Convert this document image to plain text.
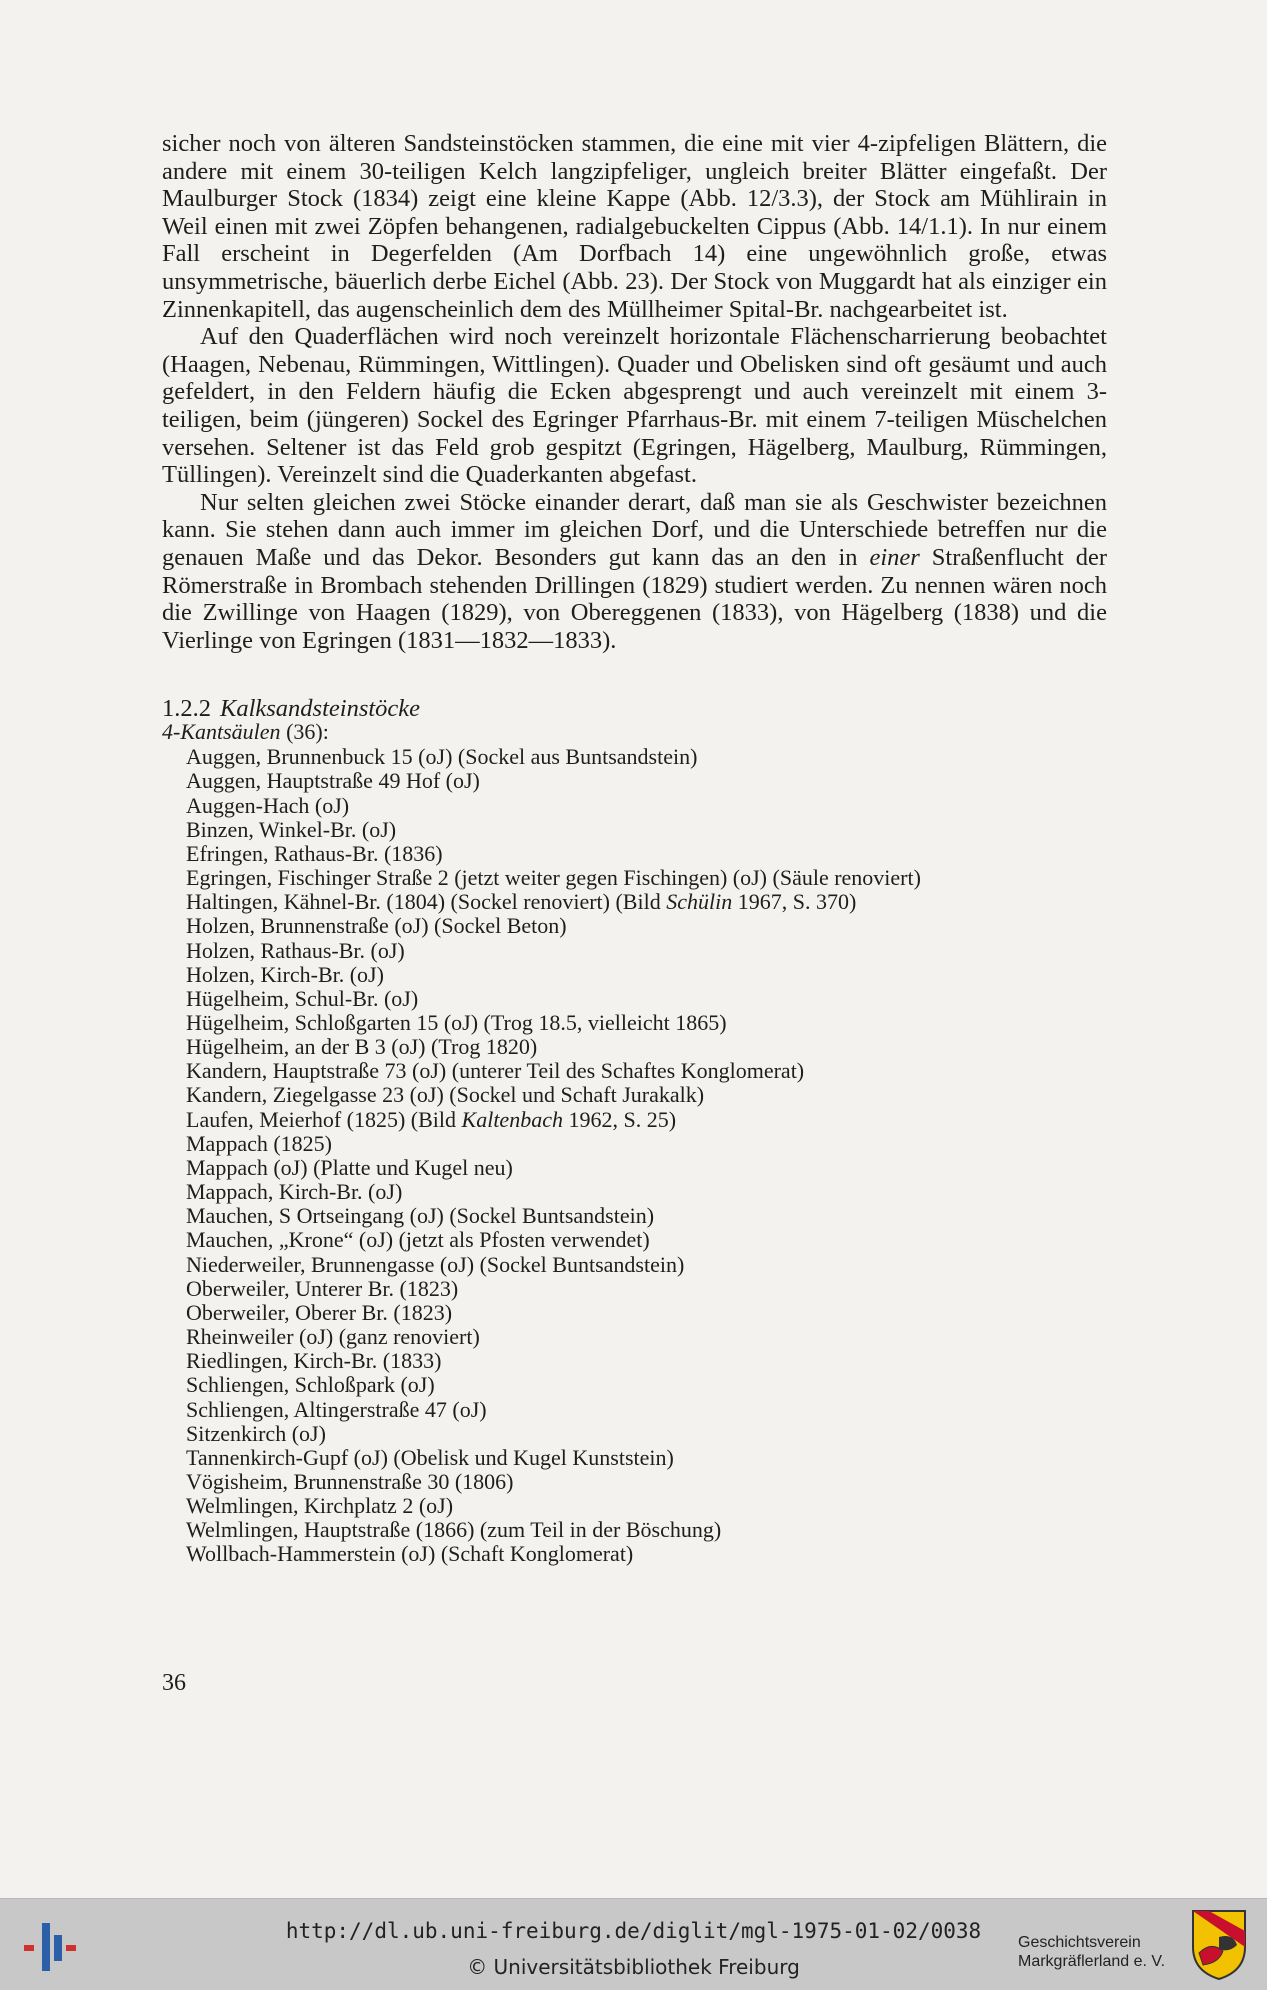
sicher noch von älteren Sandsteinstöcken stammen, die eine mit vier 4-zipfeligen Blättern, die andere mit einem 30-teiligen Kelch langzipfeliger, ungleich breiter Blätter eingefaßt. Der Maulburger Stock (1834) zeigt eine kleine Kappe (Abb. 12/3.3), der Stock am Mühlirain in Weil einen mit zwei Zöpfen behangenen, radialgebuckelten Cippus (Abb. 14/1.1). In nur einem Fall erscheint in Degerfelden (Am Dorfbach 14) eine ungewöhnlich große, etwas unsymmetrische, bäuerlich derbe Eichel (Abb. 23). Der Stock von Muggardt hat als einziger ein Zinnenkapitell, das augenscheinlich dem des Müllheimer Spital-Br. nachgearbeitet ist.

Auf den Quaderflächen wird noch vereinzelt horizontale Flächenscharrierung beobachtet (Haagen, Nebenau, Rümmingen, Wittlingen). Quader und Obelisken sind oft gesäumt und auch gefeldert, in den Feldern häufig die Ecken abgesprengt und auch vereinzelt mit einem 3-teiligen, beim (jüngeren) Sockel des Egringer Pfarrhaus-Br. mit einem 7-teiligen Müschelchen versehen. Seltener ist das Feld grob gespitzt (Egringen, Hägelberg, Maulburg, Rümmingen, Tüllingen). Vereinzelt sind die Quaderkanten abgefast.

Nur selten gleichen zwei Stöcke einander derart, daß man sie als Geschwister bezeichnen kann. Sie stehen dann auch immer im gleichen Dorf, und die Unterschiede betreffen nur die genauen Maße und das Dekor. Besonders gut kann das an den in einer Straßenflucht der Römerstraße in Brombach stehenden Drillingen (1829) studiert werden. Zu nennen wären noch die Zwillinge von Haagen (1829), von Obereggenen (1833), von Hägelberg (1838) und die Vierlinge von Egringen (1831—1832—1833).

1.2.2 Kalksandsteinstöcke
4-Kantsäulen (36):
Auggen, Brunnenbuck 15 (oJ) (Sockel aus Buntsandstein)
Auggen, Hauptstraße 49 Hof (oJ)
Auggen-Hach (oJ)
Binzen, Winkel-Br. (oJ)
Efringen, Rathaus-Br. (1836)
Egringen, Fischinger Straße 2 (jetzt weiter gegen Fischingen) (oJ) (Säule renoviert)
Haltingen, Kähnel-Br. (1804) (Sockel renoviert) (Bild Schülin 1967, S. 370)
Holzen, Brunnenstraße (oJ) (Sockel Beton)
Holzen, Rathaus-Br. (oJ)
Holzen, Kirch-Br. (oJ)
Hügelheim, Schul-Br. (oJ)
Hügelheim, Schloßgarten 15 (oJ) (Trog 18.5, vielleicht 1865)
Hügelheim, an der B 3 (oJ) (Trog 1820)
Kandern, Hauptstraße 73 (oJ) (unterer Teil des Schaftes Konglomerat)
Kandern, Ziegelgasse 23 (oJ) (Sockel und Schaft Jurakalk)
Laufen, Meierhof (1825) (Bild Kaltenbach 1962, S. 25)
Mappach (1825)
Mappach (oJ) (Platte und Kugel neu)
Mappach, Kirch-Br. (oJ)
Mauchen, S Ortseingang (oJ) (Sockel Buntsandstein)
Mauchen, „Krone“ (oJ) (jetzt als Pfosten verwendet)
Niederweiler, Brunnengasse (oJ) (Sockel Buntsandstein)
Oberweiler, Unterer Br. (1823)
Oberweiler, Oberer Br. (1823)
Rheinweiler (oJ) (ganz renoviert)
Riedlingen, Kirch-Br. (1833)
Schliengen, Schloßpark (oJ)
Schliengen, Altingerstraße 47 (oJ)
Sitzenkirch (oJ)
Tannenkirch-Gupf (oJ) (Obelisk und Kugel Kunststein)
Vögisheim, Brunnenstraße 30 (1806)
Welmlingen, Kirchplatz 2 (oJ)
Welmlingen, Hauptstraße (1866) (zum Teil in der Böschung)
Wollbach-Hammerstein (oJ) (Schaft Konglomerat)
36
http://dl.ub.uni-freiburg.de/diglit/mgl-1975-01-02/0038
© Universitätsbibliothek Freiburg
Geschichtsverein
Markgräflerland e. V.
